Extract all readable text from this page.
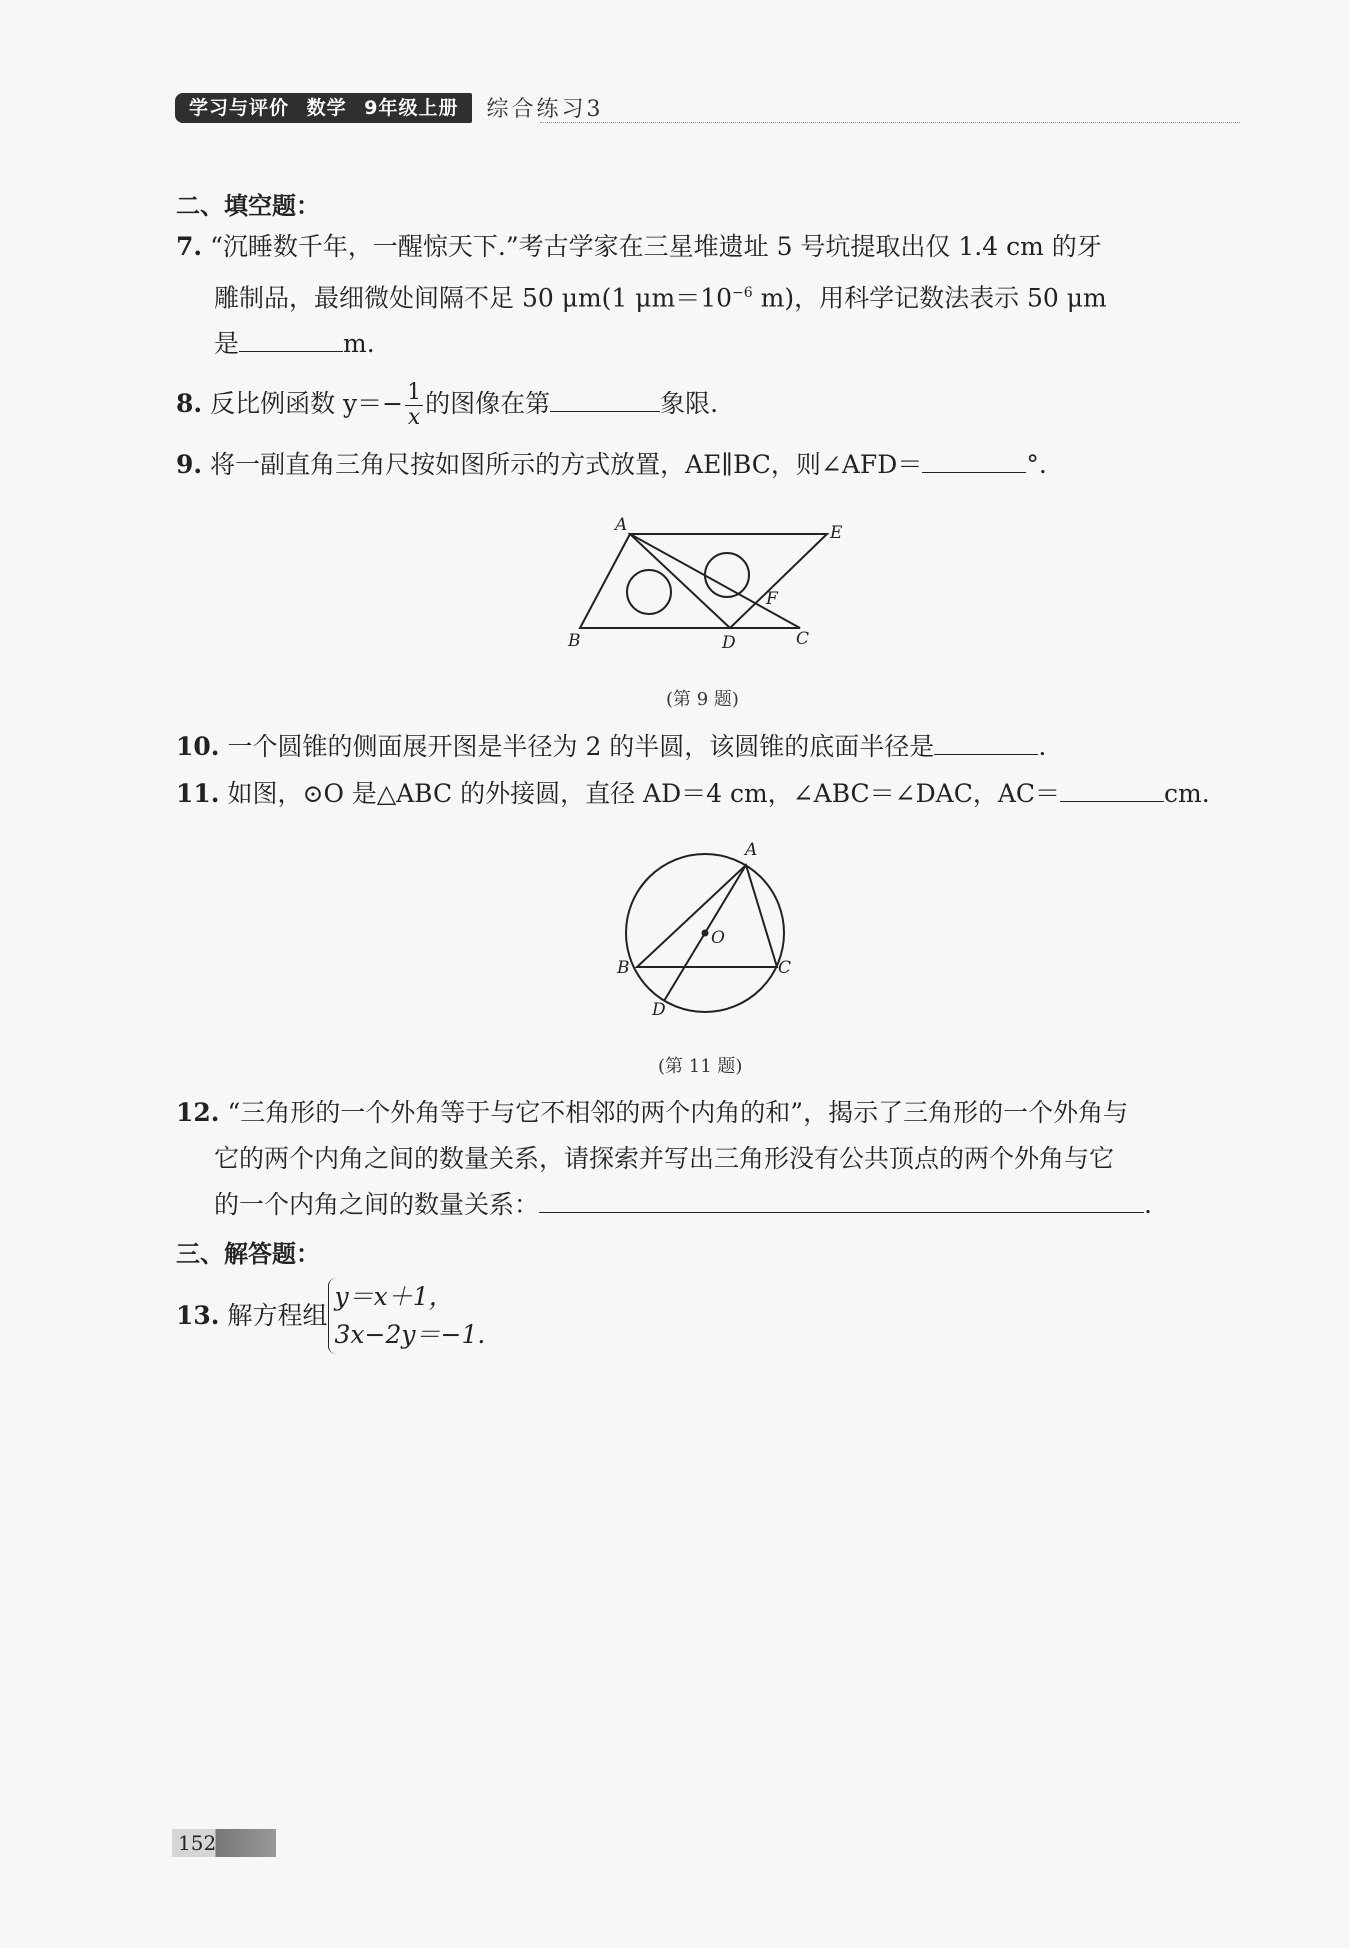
学习与评价 数学 9年级上册	综合练习3
二、填空题：
7. “沉睡数千年，一醒惊天下.”考古学家在三星堆遗址 5 号坑提取出仅 1.4 cm 的牙
雕制品，最细微处间隔不足 50 μm(1 $\mu m=10^{-6}$ m)，用科学记数法表示 50 μm
是	m.
8. 反比例函数 $y=- \frac{1}{x}$ 的图像在第	象限.
9. 将一副直角三角尺按如图所示的方式放置，AE∥BC，则∠AFD＝	°.
A	E
F
B	D	C
(第 9 题)
10. 一个圆锥的侧面展开图是半径为 2 的半圆，该圆锥的底面半径是	.
11. 如图，⊙O 是△ABC 的外接圆，直径 AD＝4 cm，∠ABC＝∠DAC，AC＝	cm.
A
O
B	C
D
(第 11 题)
12. “三角形的一个外角等于与它不相邻的两个内角的和”，揭示了三角形的一个外角与
它的两个内角之间的数量关系，请探索并写出三角形没有公共顶点的两个外角与它
的一个内角之间的数量关系：	.
三、解答题：
13. 解方程组
y＝x＋1，
3x−2y＝−1.
152
